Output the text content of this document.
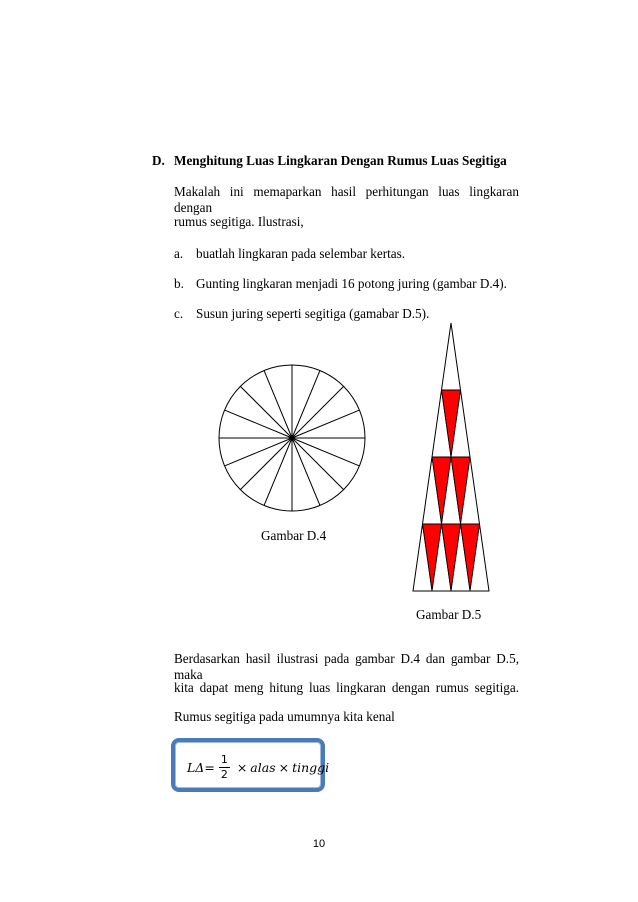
D. Menghitung Luas Lingkaran Dengan Rumus Luas Segitiga
Makalah ini memaparkan hasil perhitungan luas lingkaran dengan
rumus segitiga. Ilustrasi,
a. buatlah lingkaran pada selembar kertas.
b. Gunting lingkaran menjadi 16 potong juring (gambar D.4).
c. Susun juring seperti segitiga (gamabar D.5).
Gambar D.4
Gambar D.5
Berdasarkan hasil ilustrasi pada gambar D.4 dan gambar D.5, maka
kita dapat meng hitung luas lingkaran dengan rumus segitiga.
Rumus segitiga pada umumnya kita kenal
$L\Delta= \frac{1}{2}$ × alas × tinggi
10
